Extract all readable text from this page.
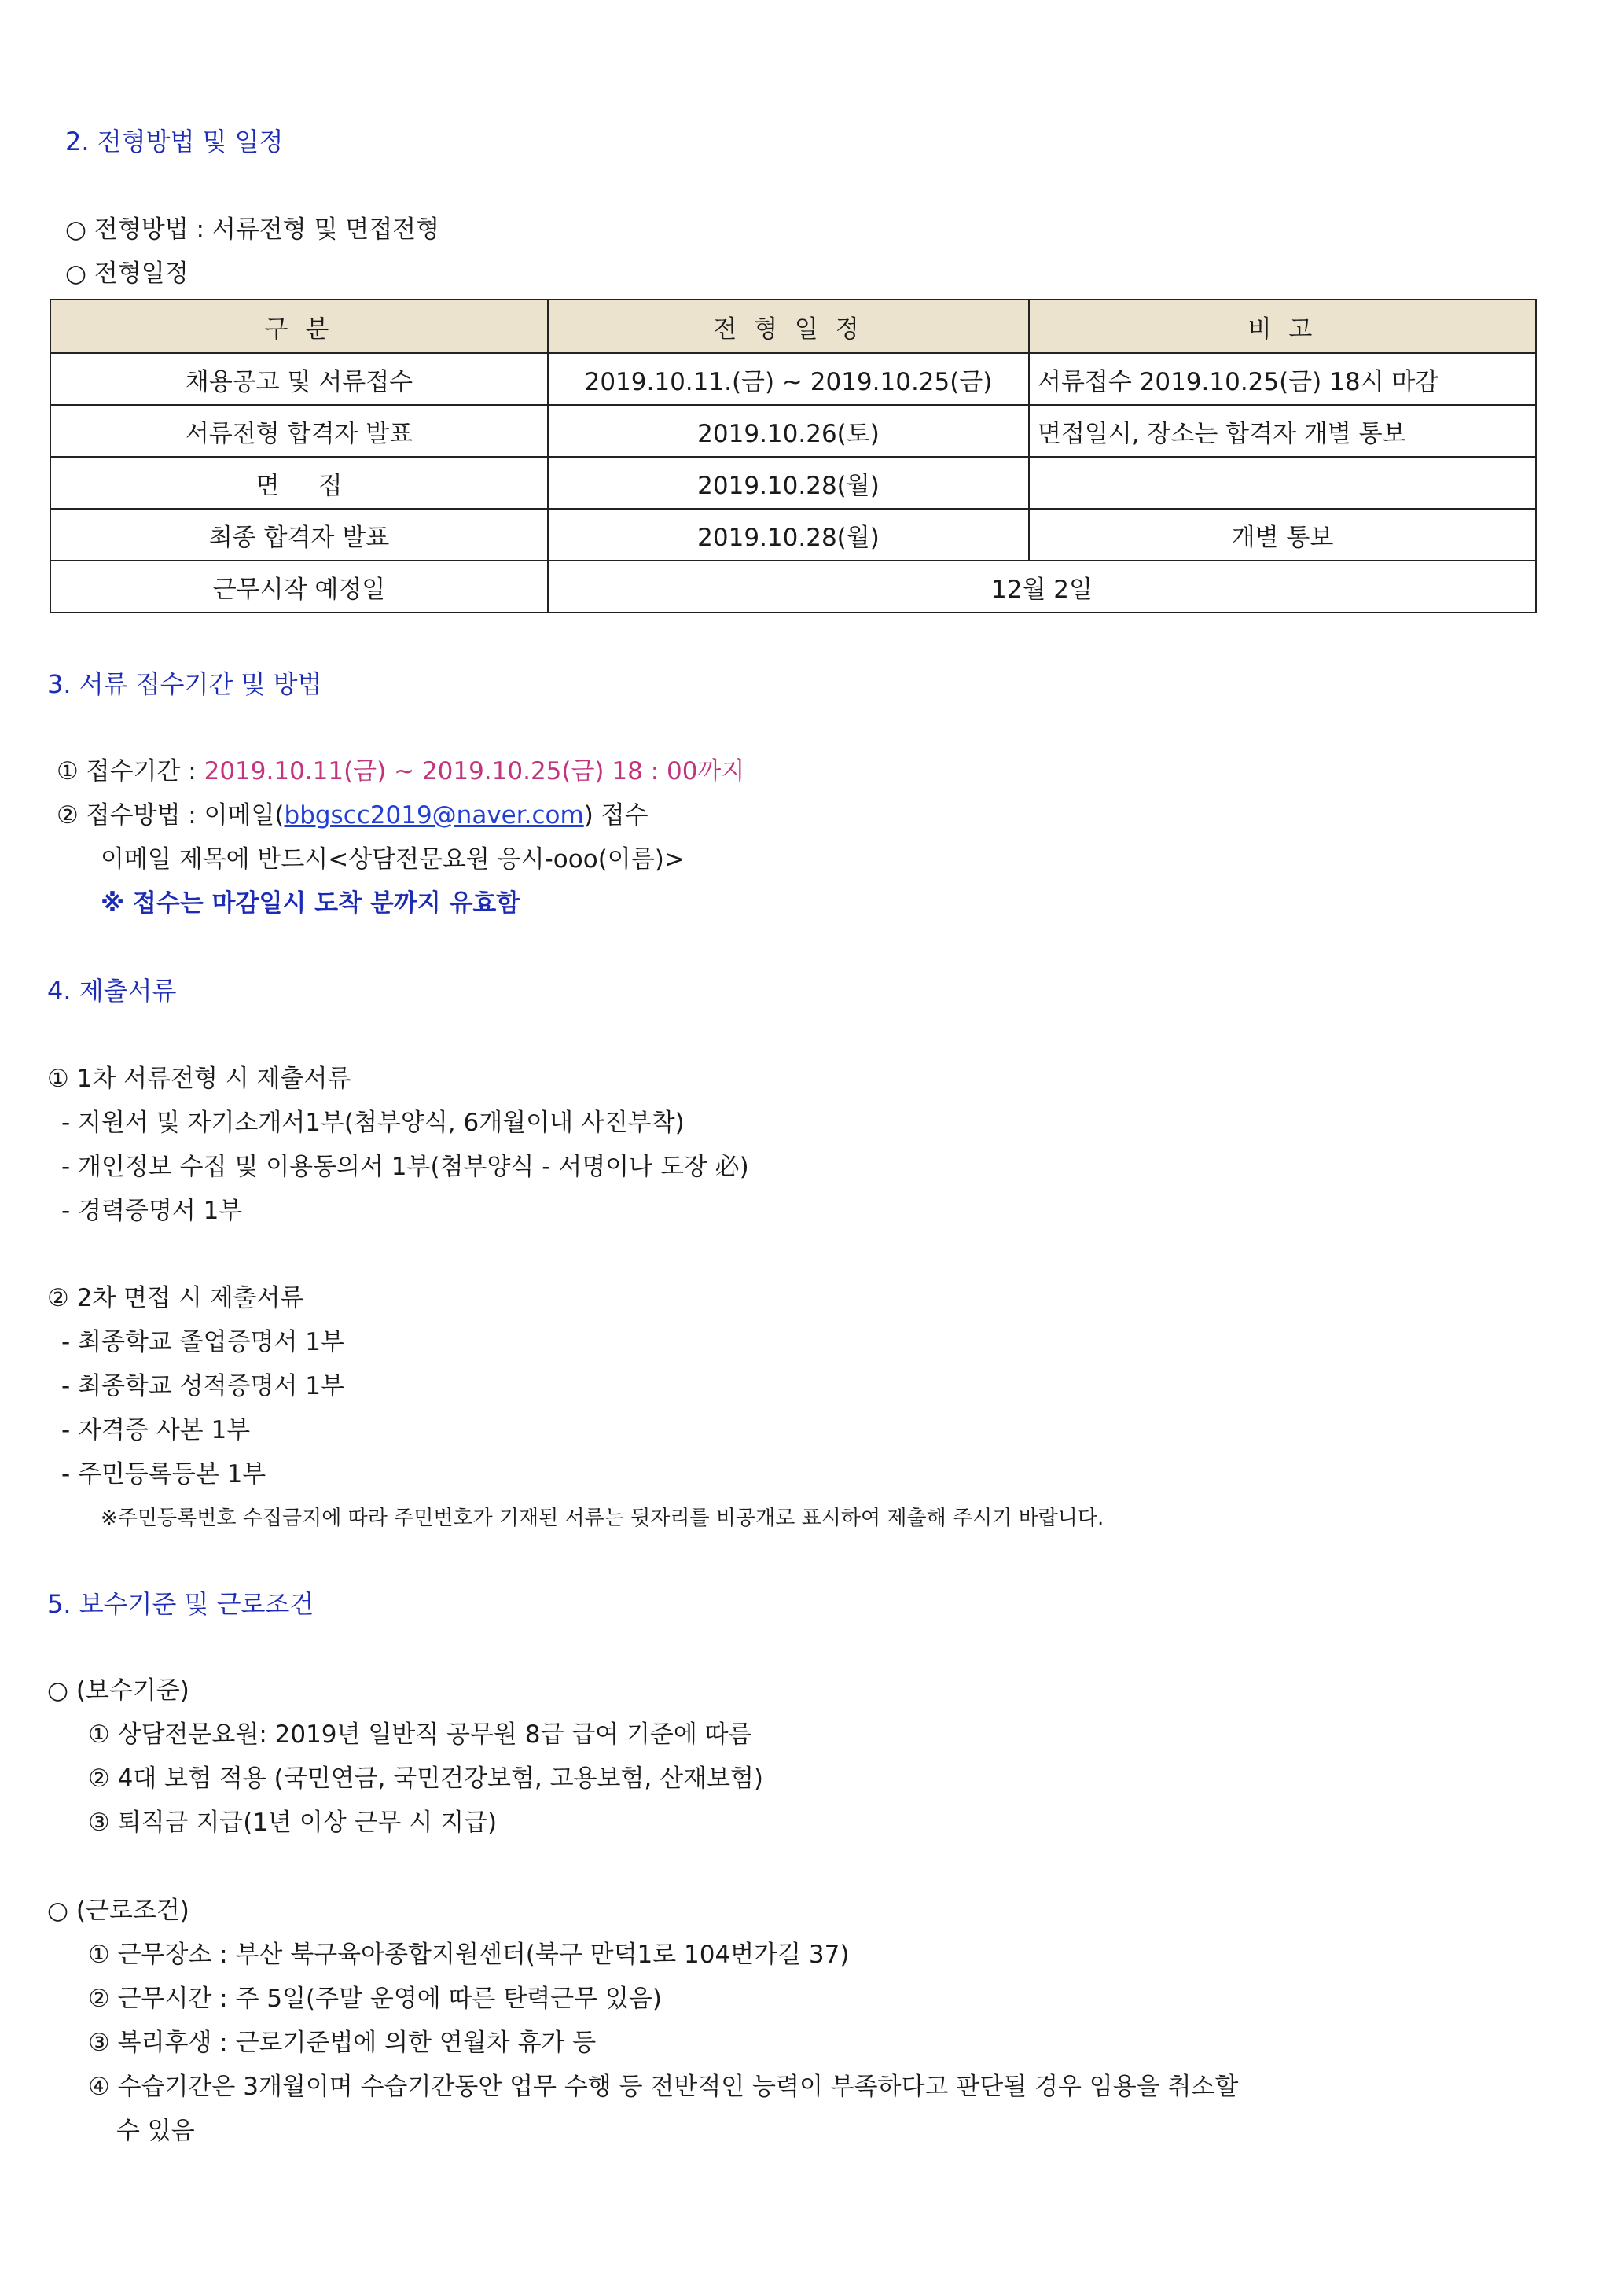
2. 전형방법 및 일정
○ 전형방법 : 서류전형 및 면접전형
○ 전형일정
구 분	전 형 일 정	비 고
채용공고 및 서류접수	2019.10.11.(금) ~ 2019.10.25(금)	서류접수 2019.10.25(금) 18시 마감
서류전형 합격자 발표	2019.10.26(토)	면접일시, 장소는 합격자 개별 통보
면 접	2019.10.28(월)	
최종 합격자 발표	2019.10.28(월)	개별 통보
근무시작 예정일	12월 2일	
3. 서류 접수기간 및 방법
① 접수기간 : 2019.10.11(금) ~ 2019.10.25(금) 18 : 00까지
② 접수방법 : 이메일(bbgscc2019@naver.com) 접수
이메일 제목에 반드시<상담전문요원 응시-ooo(이름)>
※ 접수는 마감일시 도착 분까지 유효함
4. 제출서류
① 1차 서류전형 시 제출서류
- 지원서 및 자기소개서1부(첨부양식, 6개월이내 사진부착)
- 개인정보 수집 및 이용동의서 1부(첨부양식 - 서명이나 도장 必)
- 경력증명서 1부
② 2차 면접 시 제출서류
- 최종학교 졸업증명서 1부
- 최종학교 성적증명서 1부
- 자격증 사본 1부
- 주민등록등본 1부
※주민등록번호 수집금지에 따라 주민번호가 기재된 서류는 뒷자리를 비공개로 표시하여 제출해 주시기 바랍니다.
5. 보수기준 및 근로조건
○ (보수기준)
① 상담전문요원: 2019년 일반직 공무원 8급 급여 기준에 따름
② 4대 보험 적용 (국민연금, 국민건강보험, 고용보험, 산재보험)
③ 퇴직금 지급(1년 이상 근무 시 지급)
○ (근로조건)
① 근무장소 : 부산 북구육아종합지원센터(북구 만덕1로 104번가길 37)
② 근무시간 : 주 5일(주말 운영에 따른 탄력근무 있음)
③ 복리후생 : 근로기준법에 의한 연월차 휴가 등
④ 수습기간은 3개월이며 수습기간동안 업무 수행 등 전반적인 능력이 부족하다고 판단될 경우 임용을 취소할
수 있음
